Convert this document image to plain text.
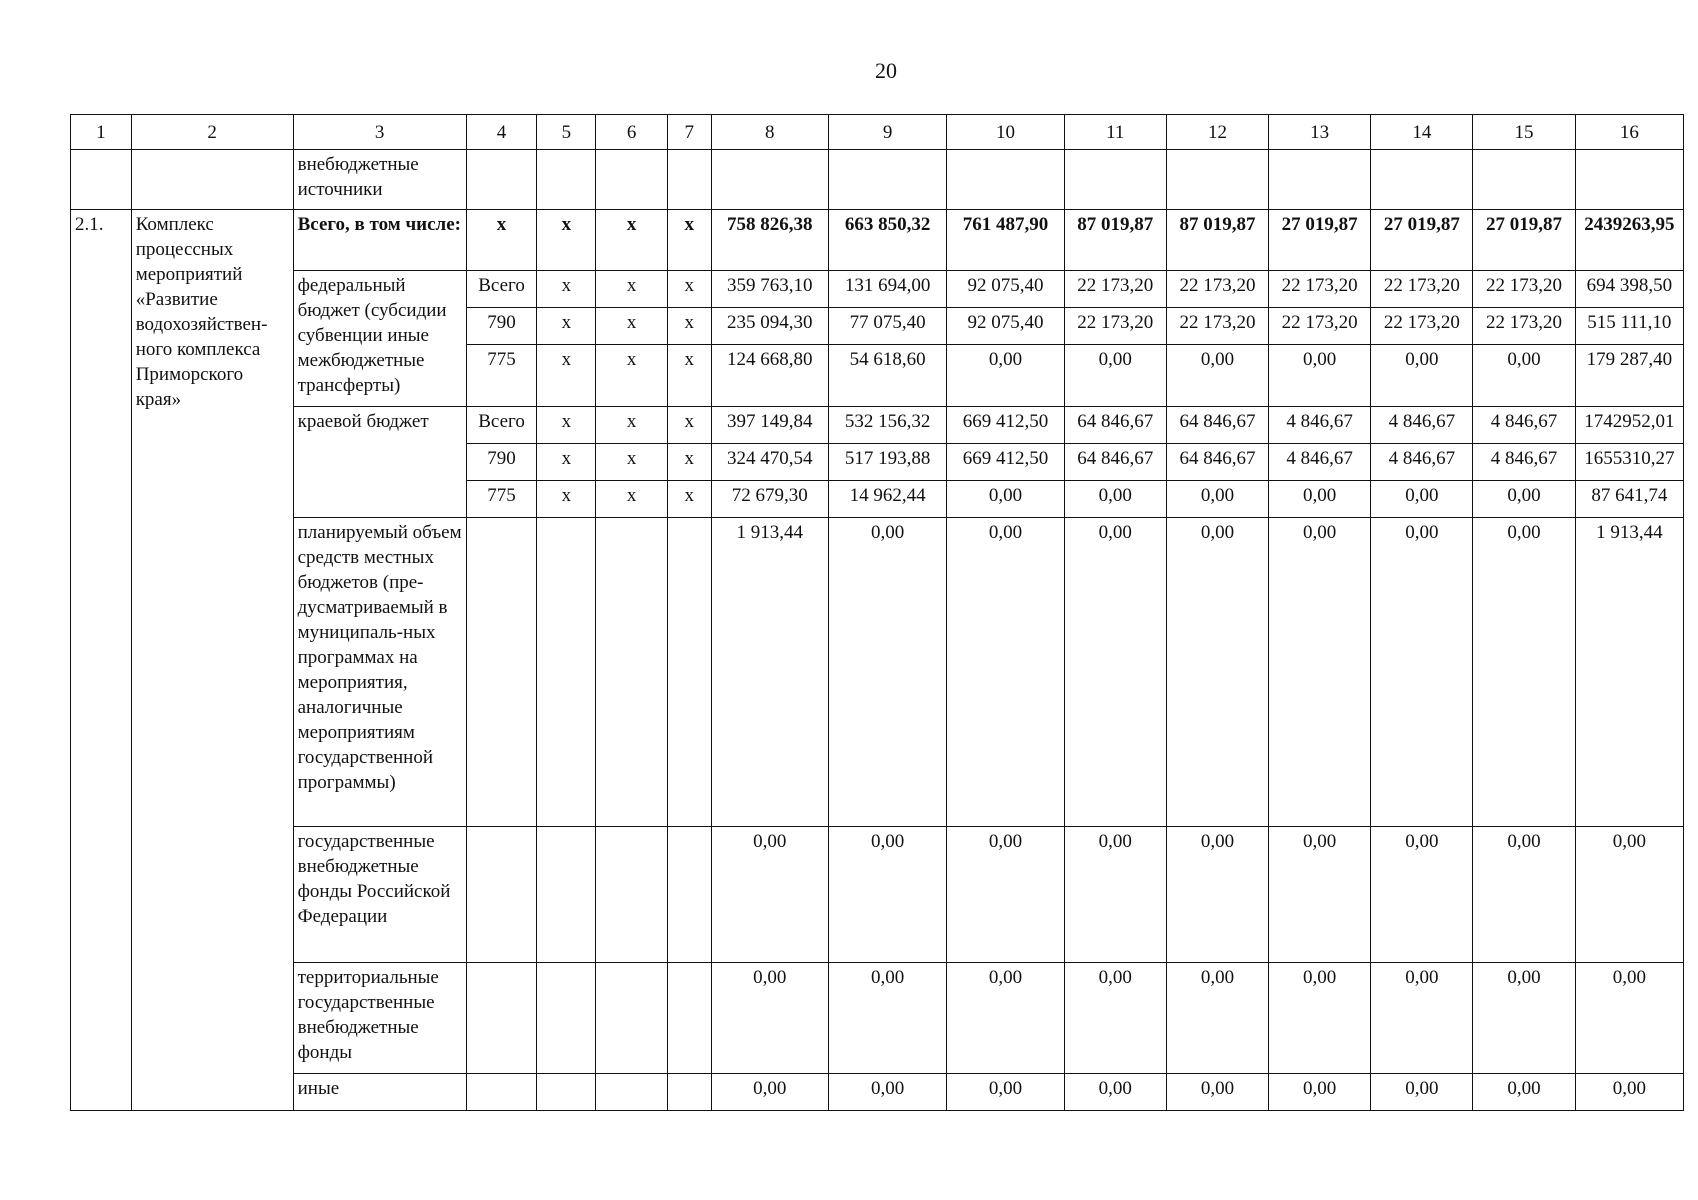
20
1	2	3	4	5	6	7	8	9	10	11	12	13	14	15	16
		внебюджетные источники													
2.1.	Комплекс процессных мероприятий «Развитие водохозяйствен-ного комплекса Приморского края»	Всего, в том числе:	х	х	х	х	758 826,38	663 850,32	761 487,90	87 019,87	87 019,87	27 019,87	27 019,87	27 019,87	2439263,95
		федеральный бюджет (субсидии субвенции иные межбюджетные трансферты)	Всего	х	х	х	359 763,10	131 694,00	92 075,40	22 173,20	22 173,20	22 173,20	22 173,20	22 173,20	694 398,50
			790	х	х	х	235 094,30	77 075,40	92 075,40	22 173,20	22 173,20	22 173,20	22 173,20	22 173,20	515 111,10
			775	х	х	х	124 668,80	54 618,60	0,00	0,00	0,00	0,00	0,00	0,00	179 287,40
		краевой бюджет	Всего	х	х	х	397 149,84	532 156,32	669 412,50	64 846,67	64 846,67	4 846,67	4 846,67	4 846,67	1742952,01
			790	х	х	х	324 470,54	517 193,88	669 412,50	64 846,67	64 846,67	4 846,67	4 846,67	4 846,67	1655310,27
			775	х	х	х	72 679,30	14 962,44	0,00	0,00	0,00	0,00	0,00	0,00	87 641,74
		планируемый объем средств местных бюджетов (пре-дусматриваемый в муниципаль-ных программах на мероприятия, аналогичные мероприятиям государственной программы)					1 913,44	0,00	0,00	0,00	0,00	0,00	0,00	0,00	1 913,44
		государственные внебюджетные фонды Российской Федерации					0,00	0,00	0,00	0,00	0,00	0,00	0,00	0,00	0,00
		территориальные государственные внебюджетные фонды					0,00	0,00	0,00	0,00	0,00	0,00	0,00	0,00	0,00
		иные					0,00	0,00	0,00	0,00	0,00	0,00	0,00	0,00	0,00
